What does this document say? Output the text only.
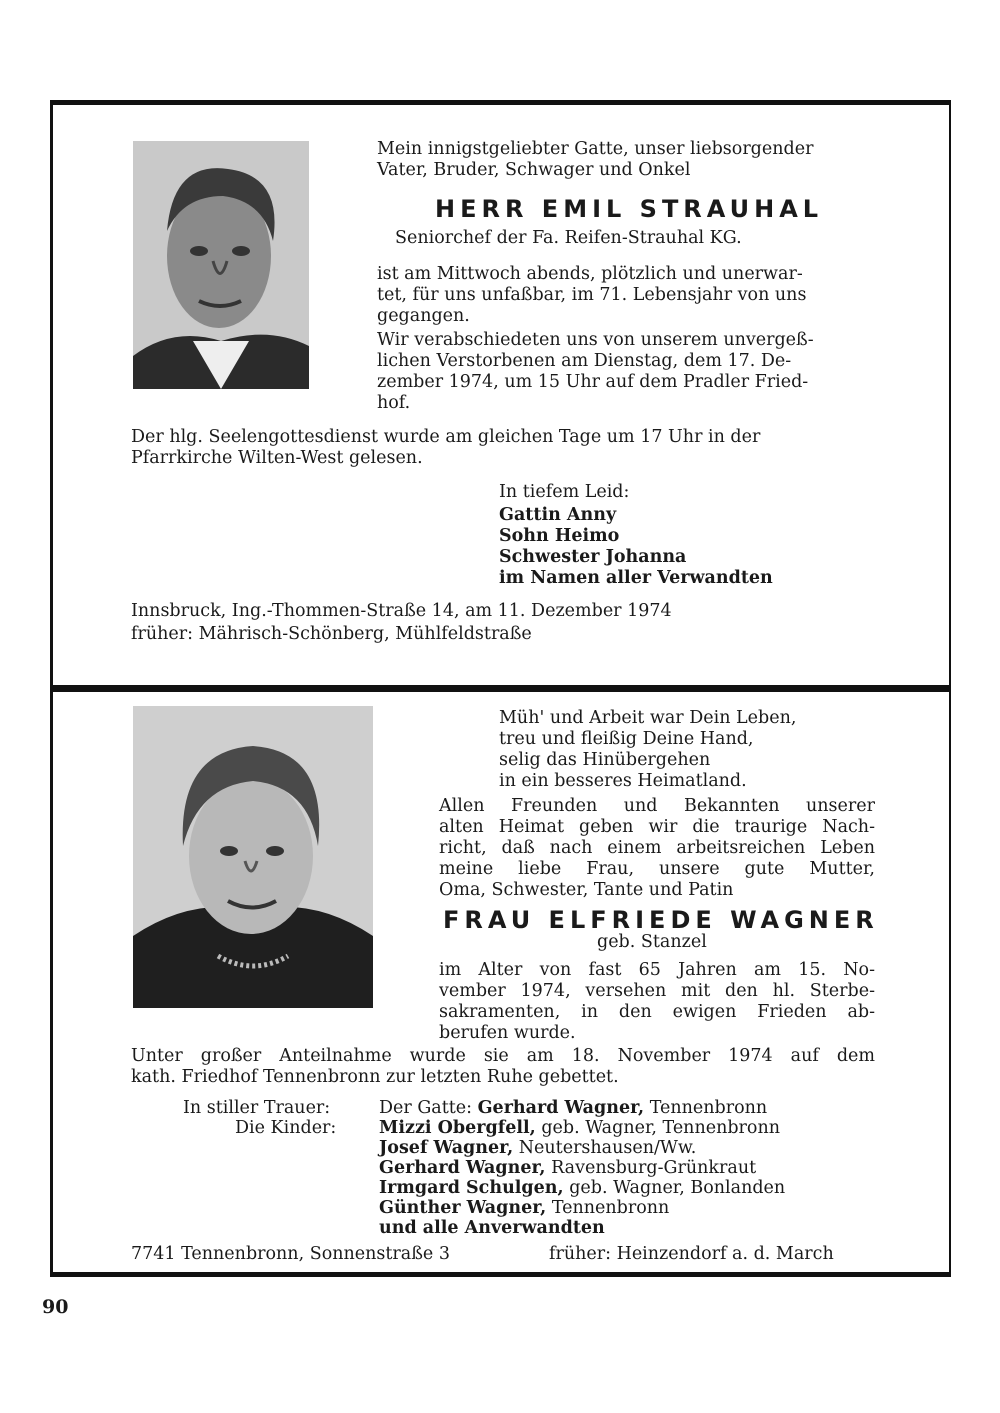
Mein innigstgeliebter Gatte, unser liebsorgender
Vater, Bruder, Schwager und Onkel
HERR EMIL STRAUHAL
Seniorchef der Fa. Reifen-Strauhal KG.
ist am Mittwoch abends, plötzlich und unerwar-
tet, für uns unfaßbar, im 71. Lebensjahr von uns
gegangen.
Wir verabschiedeten uns von unserem unvergeß-
lichen Verstorbenen am Dienstag, dem 17. De-
zember 1974, um 15 Uhr auf dem Pradler Fried-
hof.
Der hlg. Seelengottesdienst wurde am gleichen Tage um 17 Uhr in der
Pfarrkirche Wilten-West gelesen.
In tiefem Leid:
Gattin Anny
Sohn Heimo
Schwester Johanna
im Namen aller Verwandten
Innsbruck, Ing.-Thommen-Straße 14, am 11. Dezember 1974
früher: Mährisch-Schönberg, Mühlfeldstraße
Müh' und Arbeit war Dein Leben,
treu und fleißig Deine Hand,
selig das Hinübergehen
in ein besseres Heimatland.
Allen Freunden und Bekannten unserer
alten Heimat geben wir die traurige Nach-
richt, daß nach einem arbeitsreichen Leben
meine liebe Frau, unsere gute Mutter,
Oma, Schwester, Tante und Patin
FRAU ELFRIEDE WAGNER
geb. Stanzel
im Alter von fast 65 Jahren am 15. No-
vember 1974, versehen mit den hl. Sterbe-
sakramenten, in den ewigen Frieden ab-
berufen wurde.
Unter großer Anteilnahme wurde sie am 18. November 1974 auf dem
kath. Friedhof Tennenbronn zur letzten Ruhe gebettet.
In stiller Trauer:
Die Kinder:
Der Gatte: Gerhard Wagner, Tennenbronn
Mizzi Obergfell, geb. Wagner, Tennenbronn
Josef Wagner, Neutershausen/Ww.
Gerhard Wagner, Ravensburg-Grünkraut
Irmgard Schulgen, geb. Wagner, Bonlanden
Günther Wagner, Tennenbronn
und alle Anverwandten
7741 Tennenbronn, Sonnenstraße 3	früher: Heinzendorf a. d. March
90
